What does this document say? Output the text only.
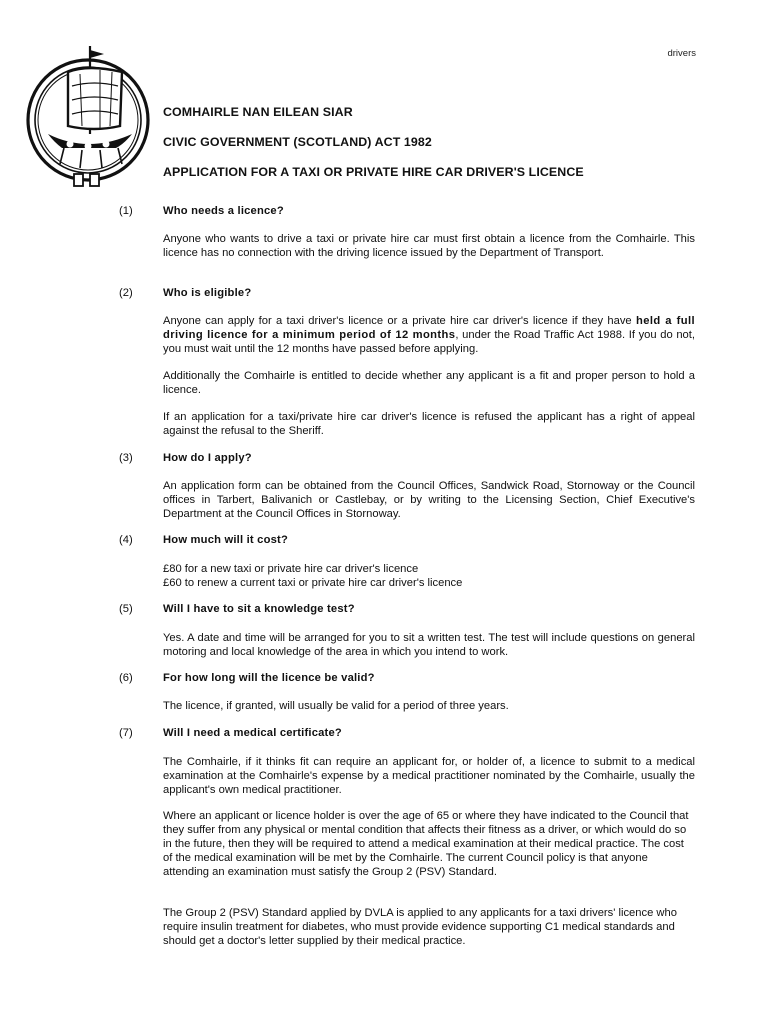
drivers
COMHAIRLE NAN EILEAN SIAR
CIVIC GOVERNMENT (SCOTLAND) ACT 1982
APPLICATION FOR A TAXI OR PRIVATE HIRE CAR DRIVER'S LICENCE
(1)	Who needs a licence?
Anyone who wants to drive a taxi or private hire car must first obtain a licence from the Comhairle. This licence has no connection with the driving licence issued by the Department of Transport.
(2)	Who is eligible?
Anyone can apply for a taxi driver's licence or a private hire car driver's licence if they have held a full driving licence for a minimum period of 12 months, under the Road Traffic Act 1988. If you do not, you must wait until the 12 months have passed before applying.
Additionally the Comhairle is entitled to decide whether any applicant is a fit and proper person to hold a licence.
If an application for a taxi/private hire car driver's licence is refused the applicant has a right of appeal against the refusal to the Sheriff.
(3)	How do I apply?
An application form can be obtained from the Council Offices, Sandwick Road, Stornoway or the Council offices in Tarbert, Balivanich or Castlebay, or by writing to the Licensing Section, Chief Executive's Department at the Council Offices in Stornoway.
(4)	How much will it cost?
£80 for a new taxi or private hire car driver's licence
£60 to renew a current taxi or private hire car driver's licence
(5)	Will I have to sit a knowledge test?
Yes. A date and time will be arranged for you to sit a written test. The test will include questions on general motoring and local knowledge of the area in which you intend to work.
(6)	For how long will the licence be valid?
The licence, if granted, will usually be valid for a period of three years.
(7)	Will I need a medical certificate?
The Comhairle, if it thinks fit can require an applicant for, or holder of, a licence to submit to a medical examination at the Comhairle's expense by a medical practitioner nominated by the Comhairle, usually the applicant's own medical practitioner.
Where an applicant or licence holder is over the age of 65 or where they have indicated to the Council that they suffer from any physical or mental condition that affects their fitness as a driver, or which would do so in the future, then they will be required to attend a medical examination at their medical practice. The cost of the medical examination will be met by the Comhairle. The current Council policy is that anyone attending an examination must satisfy the Group 2 (PSV) Standard.
The Group 2 (PSV) Standard applied by DVLA is applied to any applicants for a taxi drivers' licence who require insulin treatment for diabetes, who must provide evidence supporting C1 medical standards and should get a doctor's letter supplied by their medical practice.
